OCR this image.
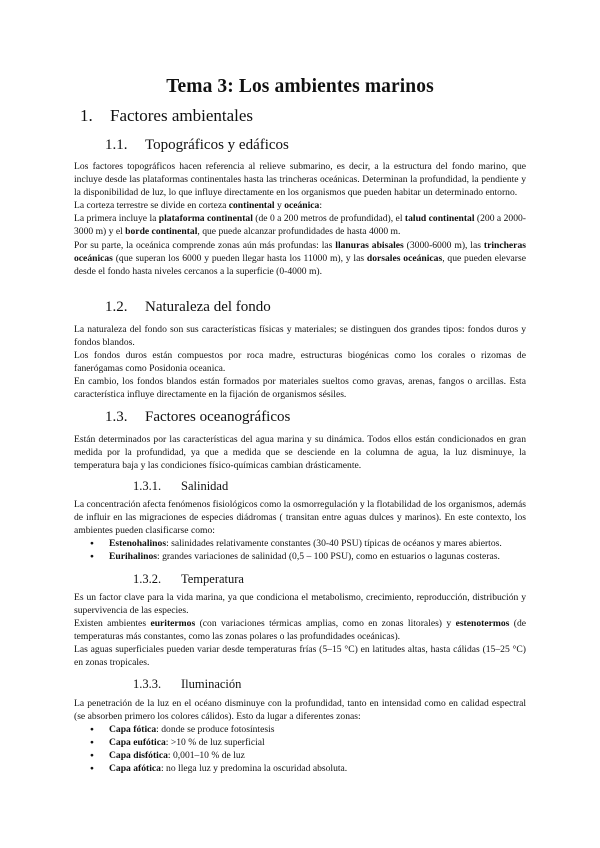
Tema 3: Los ambientes marinos
1. Factores ambientales
1.1. Topográficos y edáficos

Los factores topográficos hacen referencia al relieve submarino, es decir, a la estructura del fondo marino, que incluye desde las plataformas continentales hasta las trincheras oceánicas. Determinan la profundidad, la pendiente y la disponibilidad de luz, lo que influye directamente en los organismos que pueden habitar un determinado entorno.

La corteza terrestre se divide en corteza continental y oceánica:

La primera incluye la plataforma continental (de 0 a 200 metros de profundidad), el talud continental (200 a 2000-3000 m) y el borde continental, que puede alcanzar profundidades de hasta 4000 m.

Por su parte, la oceánica comprende zonas aún más profundas: las llanuras abisales (3000-6000 m), las trincheras oceánicas (que superan los 6000 y pueden llegar hasta los 11000 m), y las dorsales oceánicas, que pueden elevarse desde el fondo hasta niveles cercanos a la superficie (0-4000 m).

1.2. Naturaleza del fondo

La naturaleza del fondo son sus características físicas y materiales; se distinguen dos grandes tipos: fondos duros y fondos blandos.

Los fondos duros están compuestos por roca madre, estructuras biogénicas como los corales o rizomas de fanerógamas como Posidonia oceanica.

En cambio, los fondos blandos están formados por materiales sueltos como gravas, arenas, fangos o arcillas. Esta característica influye directamente en la fijación de organismos sésiles.

1.3. Factores oceanográficos

Están determinados por las características del agua marina y su dinámica. Todos ellos están condicionados en gran medida por la profundidad, ya que a medida que se desciende en la columna de agua, la luz disminuye, la temperatura baja y las condiciones físico-químicas cambian drásticamente.

1.3.1. Salinidad

La concentración afecta fenómenos fisiológicos como la osmorregulación y la flotabilidad de los organismos, además de influir en las migraciones de especies diádromas ( transitan entre aguas dulces y marinos). En este contexto, los ambientes pueden clasificarse como:

● Estenohalinos: salinidades relativamente constantes (30-40 PSU) típicas de océanos y mares abiertos.
● Eurihalinos: grandes variaciones de salinidad (0,5 – 100 PSU), como en estuarios o lagunas costeras.
1.3.2. Temperatura

Es un factor clave para la vida marina, ya que condiciona el metabolismo, crecimiento, reproducción, distribución y supervivencia de las especies.

Existen ambientes euritermos (con variaciones térmicas amplias, como en zonas litorales) y estenotermos (de temperaturas más constantes, como las zonas polares o las profundidades oceánicas).

Las aguas superficiales pueden variar desde temperaturas frías (5–15 °C) en latitudes altas, hasta cálidas (15–25 °C) en zonas tropicales.

1.3.3. Iluminación

La penetración de la luz en el océano disminuye con la profundidad, tanto en intensidad como en calidad espectral (se absorben primero los colores cálidos). Esto da lugar a diferentes zonas:

● Capa fótica: donde se produce fotosíntesis
● Capa eufótica: >10 % de luz superficial
● Capa disfótica: 0,001–10 % de luz
● Capa afótica: no llega luz y predomina la oscuridad absoluta.
